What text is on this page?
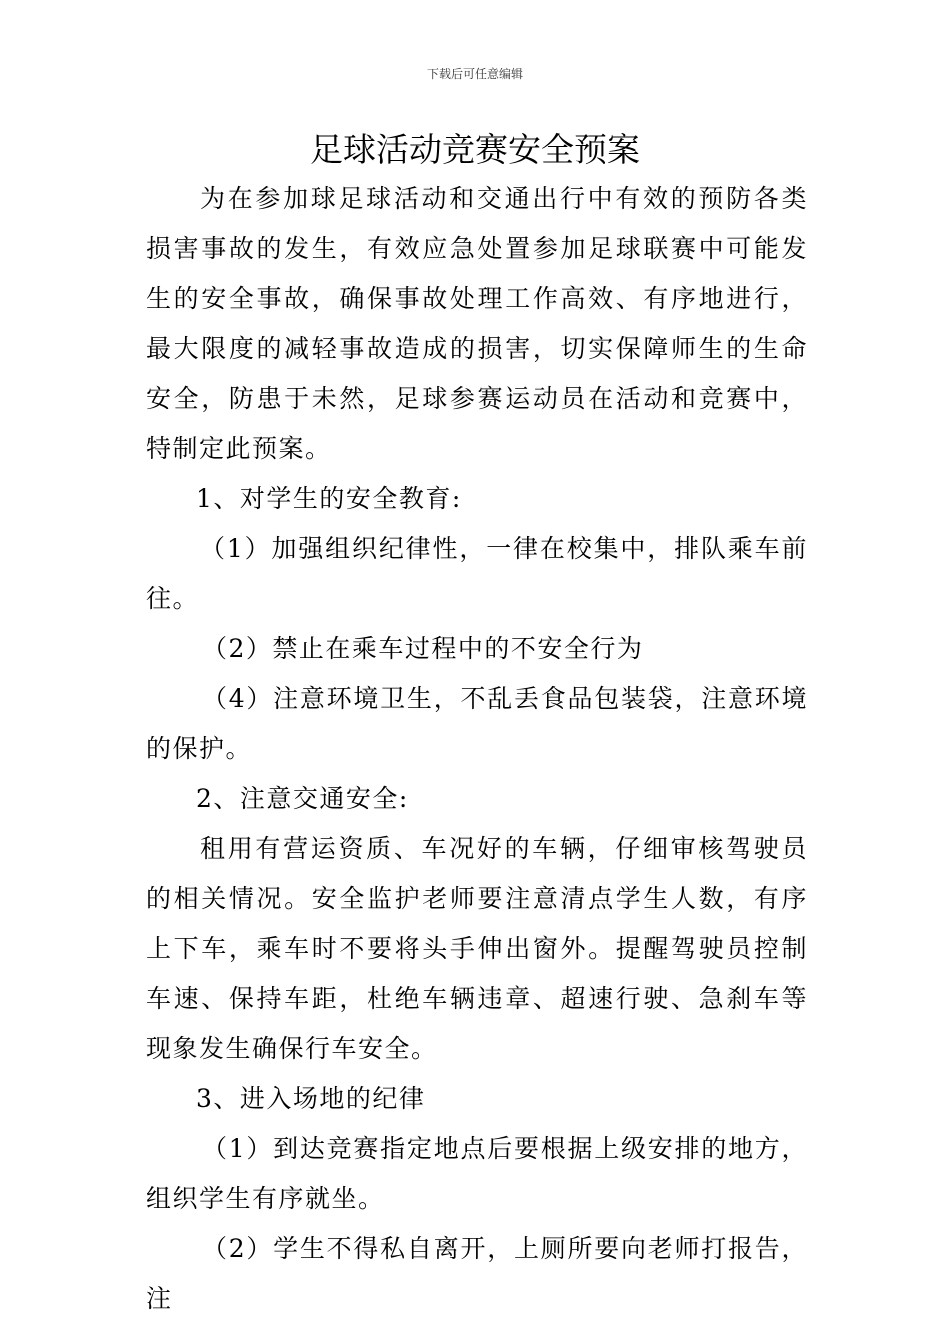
下载后可任意编辑
足球活动竞赛安全预案

为在参加球足球活动和交通出行中有效的预防各类损害事故的发生，有效应急处置参加足球联赛中可能发生的安全事故，确保事故处理工作高效、有序地进行，最大限度的减轻事故造成的损害，切实保障师生的生命安全，防患于未然，足球参赛运动员在活动和竞赛中，特制定此预案。

1、对学生的安全教育:

（1）加强组织纪律性，一律在校集中，排队乘车前往。

（2）禁止在乘车过程中的不安全行为

（4）注意环境卫生，不乱丢食品包装袋，注意环境的保护。

2、注意交通安全:

租用有营运资质、车况好的车辆，仔细审核驾驶员的相关情况。安全监护老师要注意清点学生人数，有序上下车，乘车时不要将头手伸出窗外。提醒驾驶员控制车速、保持车距，杜绝车辆违章、超速行驶、急刹车等现象发生确保行车安全。

3、进入场地的纪律

（1）到达竞赛指定地点后要根据上级安排的地方，组织学生有序就坐。

（2）学生不得私自离开，上厕所要向老师打报告，注
